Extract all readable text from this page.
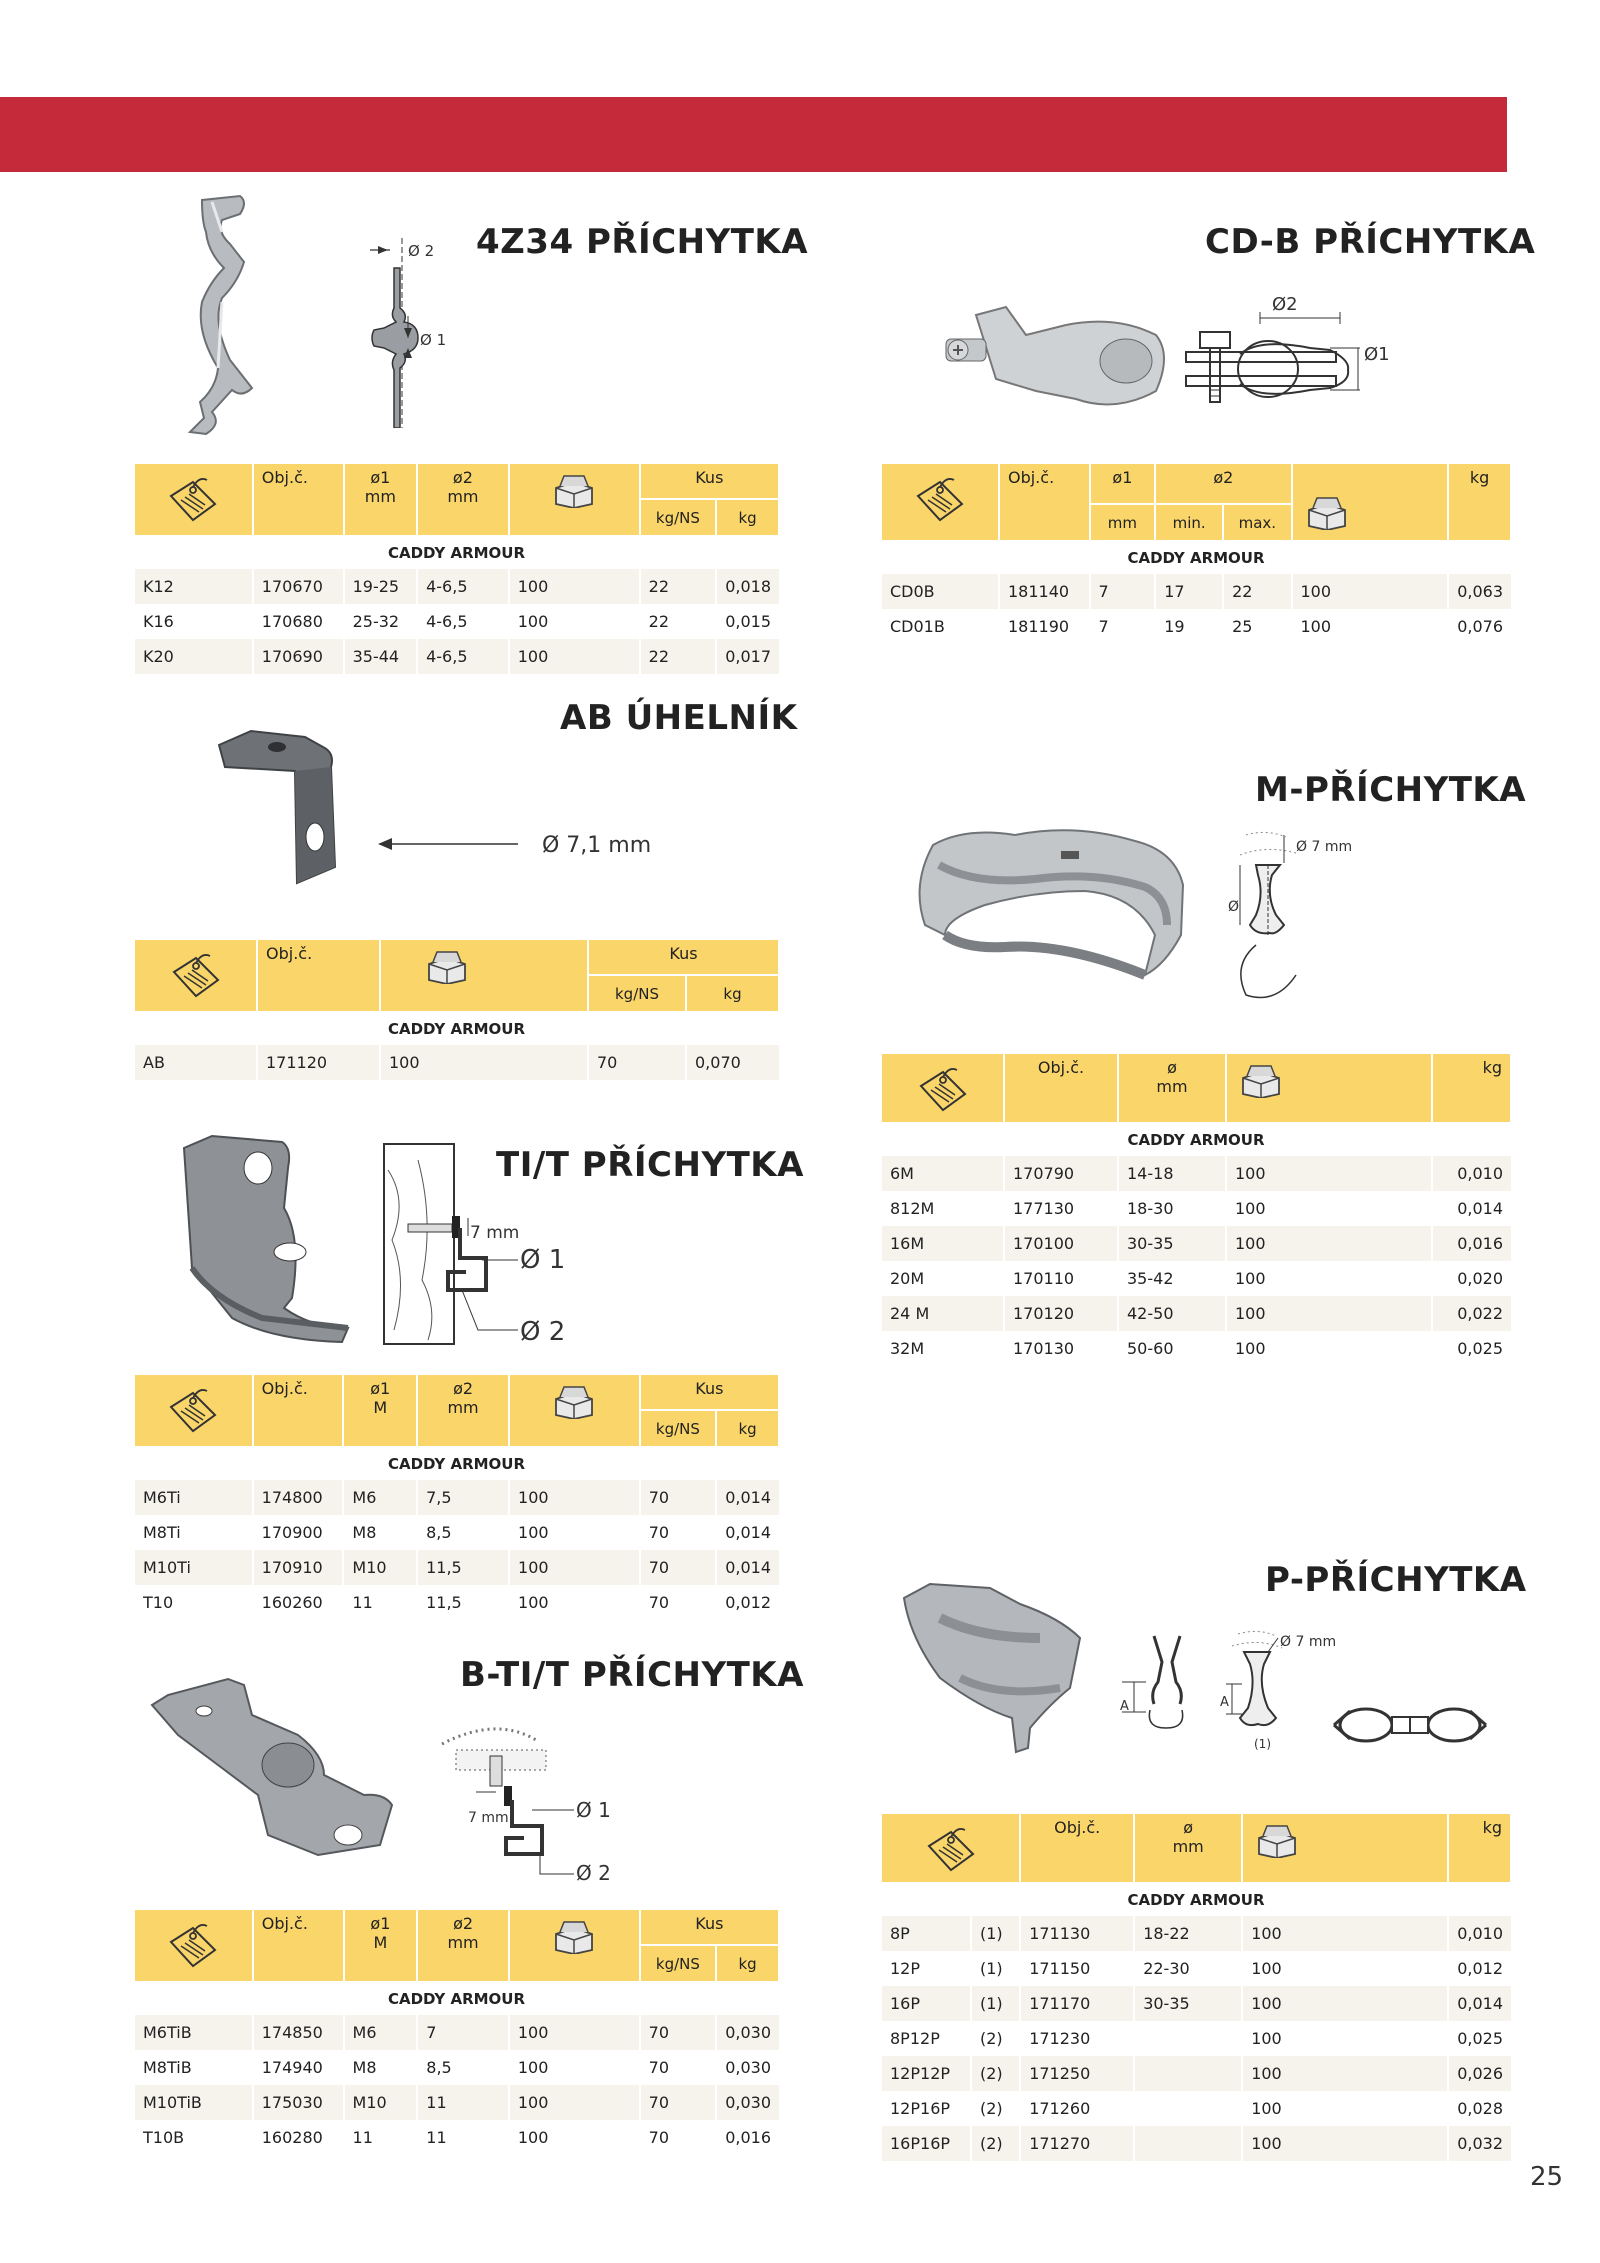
4Z34 PŘÍCHYTKA
Ø 2
Ø 1
	Obj.č.	ø1
mm	ø2
mm		Kus	
					kg/NS	kg
CADDY ARMOUR						
K12	170670	19-25	4-6,5	100	22	0,018
K16	170680	25-32	4-6,5	100	22	0,015
K20	170690	35-44	4-6,5	100	22	0,017
CD-B PŘÍCHYTKA
Ø2
Ø1
	Obj.č.	ø1	ø2			kg
		mm	min.	max.		
CADDY ARMOUR						
CD0B	181140	7	17	22	100	0,063
CD01B	181190	7	19	25	100	0,076
AB ÚHELNÍK
Ø 7,1 mm
	Obj.č.		Kus	
			kg/NS	kg
CADDY ARMOUR				
AB	171120	100	70	0,070
M-PŘÍCHYTKA
Ø
Ø 7 mm
	Obj.č.	ø
mm		kg
CADDY ARMOUR				
6M	170790	14-18	100	0,010
812M	177130	18-30	100	0,014
16M	170100	30-35	100	0,016
20M	170110	35-42	100	0,020
24 M	170120	42-50	100	0,022
32M	170130	50-60	100	0,025
TI/T PŘÍCHYTKA
7 mm
Ø 1
Ø 2
	Obj.č.	ø1
M	ø2
mm		Kus	
					kg/NS	kg
CADDY ARMOUR						
M6Ti	174800	M6	7,5	100	70	0,014
M8Ti	170900	M8	8,5	100	70	0,014
M10Ti	170910	M10	11,5	100	70	0,014
T10	160260	11	11,5	100	70	0,012
B-TI/T PŘÍCHYTKA
7 mm	Ø 1
Ø 2
	Obj.č.	ø1
M	ø2
mm		Kus	
					kg/NS	kg
CADDY ARMOUR						
M6TiB	174850	M6	7	100	70	0,030
M8TiB	174940	M8	8,5	100	70	0,030
M10TiB	175030	M10	11	100	70	0,030
T10B	160280	11	11	100	70	0,016
P-PŘÍCHYTKA
A	A
(1)
Ø 7 mm
	Obj.č.	ø
mm		kg
CADDY ARMOUR					
8P	(1)	171130	18-22	100	0,010
12P	(1)	171150	22-30	100	0,012
16P	(1)	171170	30-35	100	0,014
8P12P	(2)	171230		100	0,025
12P12P	(2)	171250		100	0,026
12P16P	(2)	171260		100	0,028
16P16P	(2)	171270		100	0,032
25
